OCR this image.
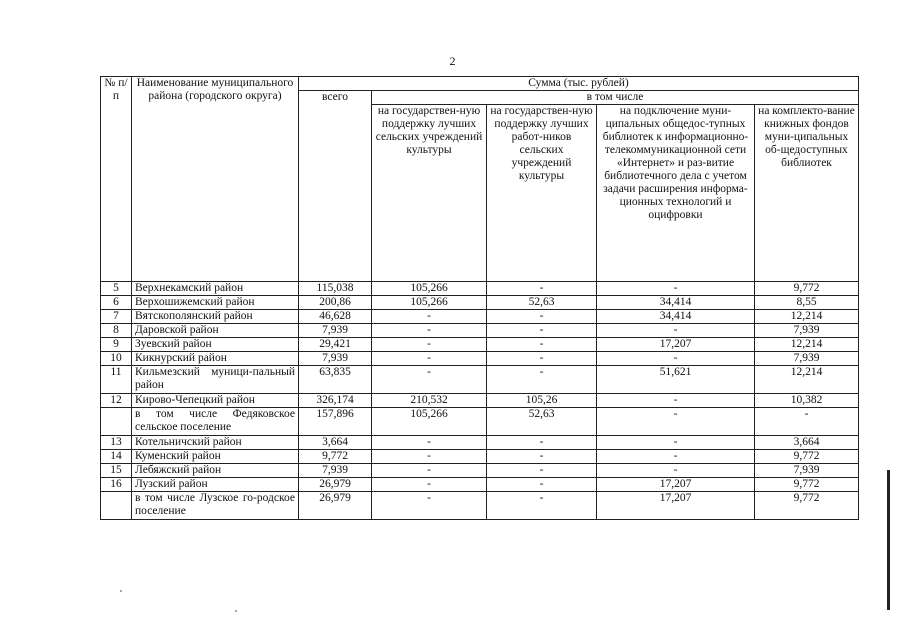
2
№ п/п	Наименование муниципального района (городского округа)	Сумма (тыс. рублей)				
		всего	в том числе			
			на государствен-ную поддержку лучших сельских учреждений культуры	на государствен-ную поддержку лучших работ-ников сельских учреждений культуры	на подключение муни-ципальных общедос-тупных библиотек к информационно-телекоммуникационной сети «Интернет» и раз-витие библиотечного дела с учетом задачи расширения информа-ционных технологий и оцифровки	на комплекто-вание книжных фондов муни-ципальных об-щедоступных библиотек
5	Верхнекамский район	115,038	105,266	-	-	9,772
6	Верхошижемский район	200,86	105,266	52,63	34,414	8,55
7	Вятскополянский район	46,628	-	-	34,414	12,214
8	Даровской район	7,939	-	-	-	7,939
9	Зуевский район	29,421	-	-	17,207	12,214
10	Кикнурский район	7,939	-	-	-	7,939
11	Кильмезский муници-пальный район	63,835	-	-	51,621	12,214
12	Кирово-Чепецкий район	326,174	210,532	105,26	-	10,382
	в том числе Федяковское сельское поселение	157,896	105,266	52,63	-	-
13	Котельничский район	3,664	-	-	-	3,664
14	Куменский район	9,772	-	-	-	9,772
15	Лебяжский район	7,939	-	-	-	7,939
16	Лузский район	26,979	-	-	17,207	9,772
	в том числе Лузское го-родское поселение	26,979	-	-	17,207	9,772
